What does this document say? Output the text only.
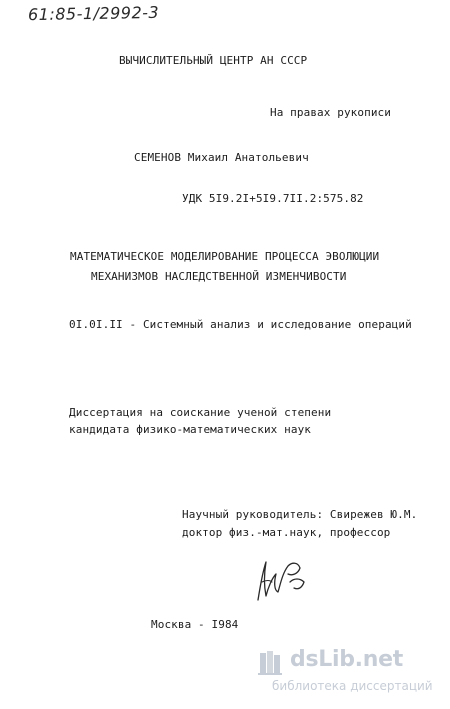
61:85-1/2992-3
ВЫЧИСЛИТЕЛЬНЫЙ ЦЕНТР АН СССР
На правах рукописи
СЕМЕНОВ Михаил Анатольевич
УДК 5I9.2I+5I9.7II.2:575.82
МАТЕМАТИЧЕСКОЕ МОДЕЛИРОВАНИЕ ПРОЦЕССА ЭВОЛЮЦИИ
МЕХАНИЗМОВ НАСЛЕДСТВЕННОЙ ИЗМЕНЧИВОСТИ
0I.0I.II - Системный анализ и исследование операций
Диссертация на соискание ученой степени
кандидата физико-математических наук
Научный руководитель: Свирежев Ю.М.
доктор физ.-мат.наук, профессор
Москва - I984
dsLib.net
библиотека диссертаций
